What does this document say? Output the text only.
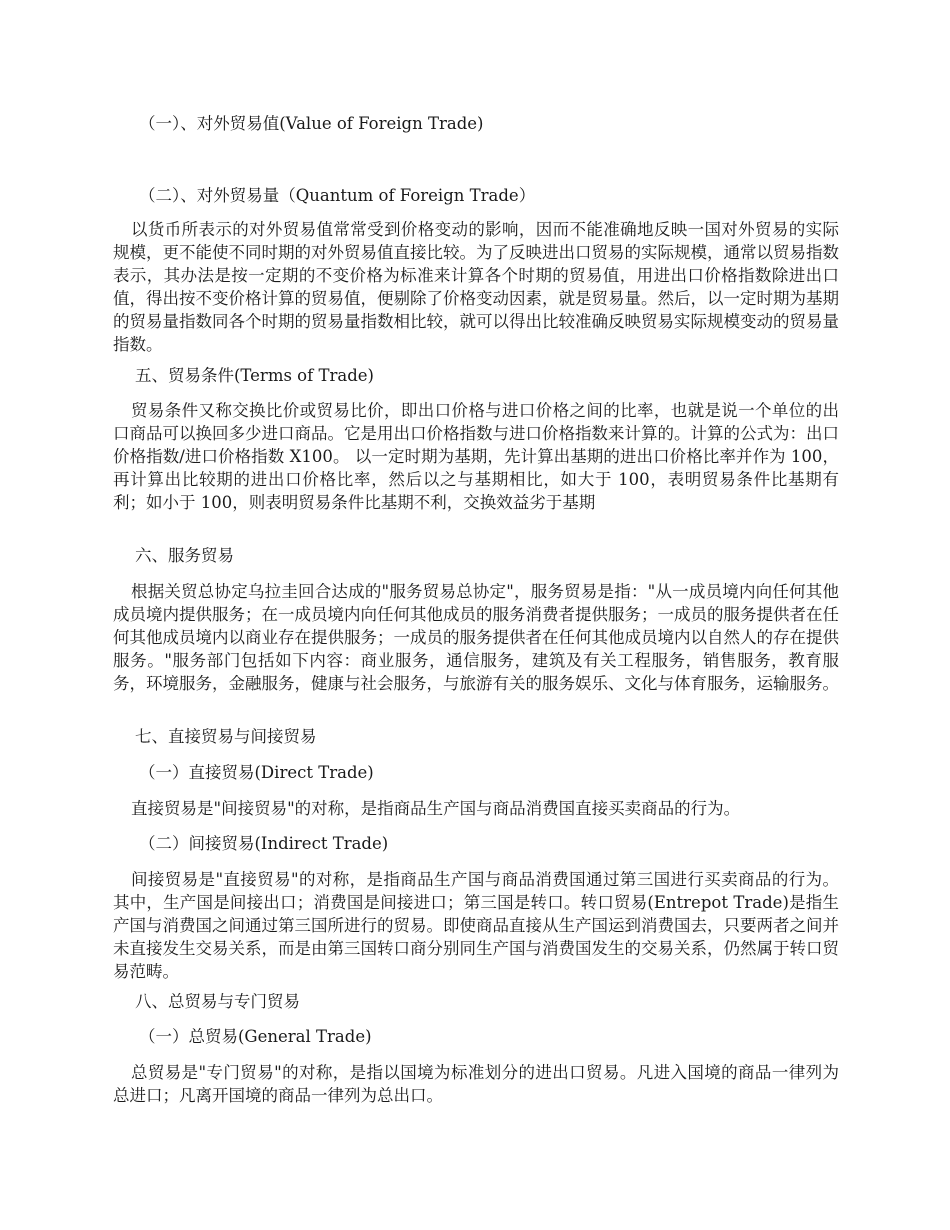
（一）、对外贸易值(Value of Foreign Trade)

（二）、对外贸易量（Quantum of Foreign Trade）

以货币所表示的对外贸易值常常受到价格变动的影响，因而不能准确地反映一国对外贸易的实际规模，更不能使不同时期的对外贸易值直接比较。为了反映进出口贸易的实际规模，通常以贸易指数表示，其办法是按一定期的不变价格为标准来计算各个时期的贸易值，用进出口价格指数除进出口值，得出按不变价格计算的贸易值，便剔除了价格变动因素，就是贸易量。然后，以一定时期为基期的贸易量指数同各个时期的贸易量指数相比较，就可以得出比较准确反映贸易实际规模变动的贸易量指数。

五、贸易条件(Terms of Trade)

贸易条件又称交换比价或贸易比价，即出口价格与进口价格之间的比率，也就是说一个单位的出口商品可以换回多少进口商品。它是用出口价格指数与进口价格指数来计算的。计算的公式为：出口价格指数/进口价格指数 X100。 以一定时期为基期，先计算出基期的进出口价格比率并作为 100，再计算出比较期的进出口价格比率，然后以之与基期相比，如大于 100，表明贸易条件比基期有利；如小于 100，则表明贸易条件比基期不利，交换效益劣于基期

六、服务贸易

根据关贸总协定乌拉圭回合达成的"服务贸易总协定"，服务贸易是指："从一成员境内向任何其他成员境内提供服务；在一成员境内向任何其他成员的服务消费者提供服务；一成员的服务提供者在任何其他成员境内以商业存在提供服务；一成员的服务提供者在任何其他成员境内以自然人的存在提供服务。"服务部门包括如下内容：商业服务，通信服务，建筑及有关工程服务，销售服务，教育服务，环境服务，金融服务，健康与社会服务，与旅游有关的服务娱乐、文化与体育服务，运输服务。

七、直接贸易与间接贸易

（一）直接贸易(Direct Trade)

直接贸易是"间接贸易"的对称，是指商品生产国与商品消费国直接买卖商品的行为。

（二）间接贸易(Indirect Trade)

间接贸易是"直接贸易"的对称，是指商品生产国与商品消费国通过第三国进行买卖商品的行为。其中，生产国是间接出口；消费国是间接进口；第三国是转口。转口贸易(Entrepot Trade)是指生产国与消费国之间通过第三国所进行的贸易。即使商品直接从生产国运到消费国去，只要两者之间并未直接发生交易关系，而是由第三国转口商分别同生产国与消费国发生的交易关系，仍然属于转口贸易范畴。

八、总贸易与专门贸易

（一）总贸易(General Trade)

总贸易是"专门贸易"的对称，是指以国境为标准划分的进出口贸易。凡进入国境的商品一律列为总进口；凡离开国境的商品一律列为总出口。
